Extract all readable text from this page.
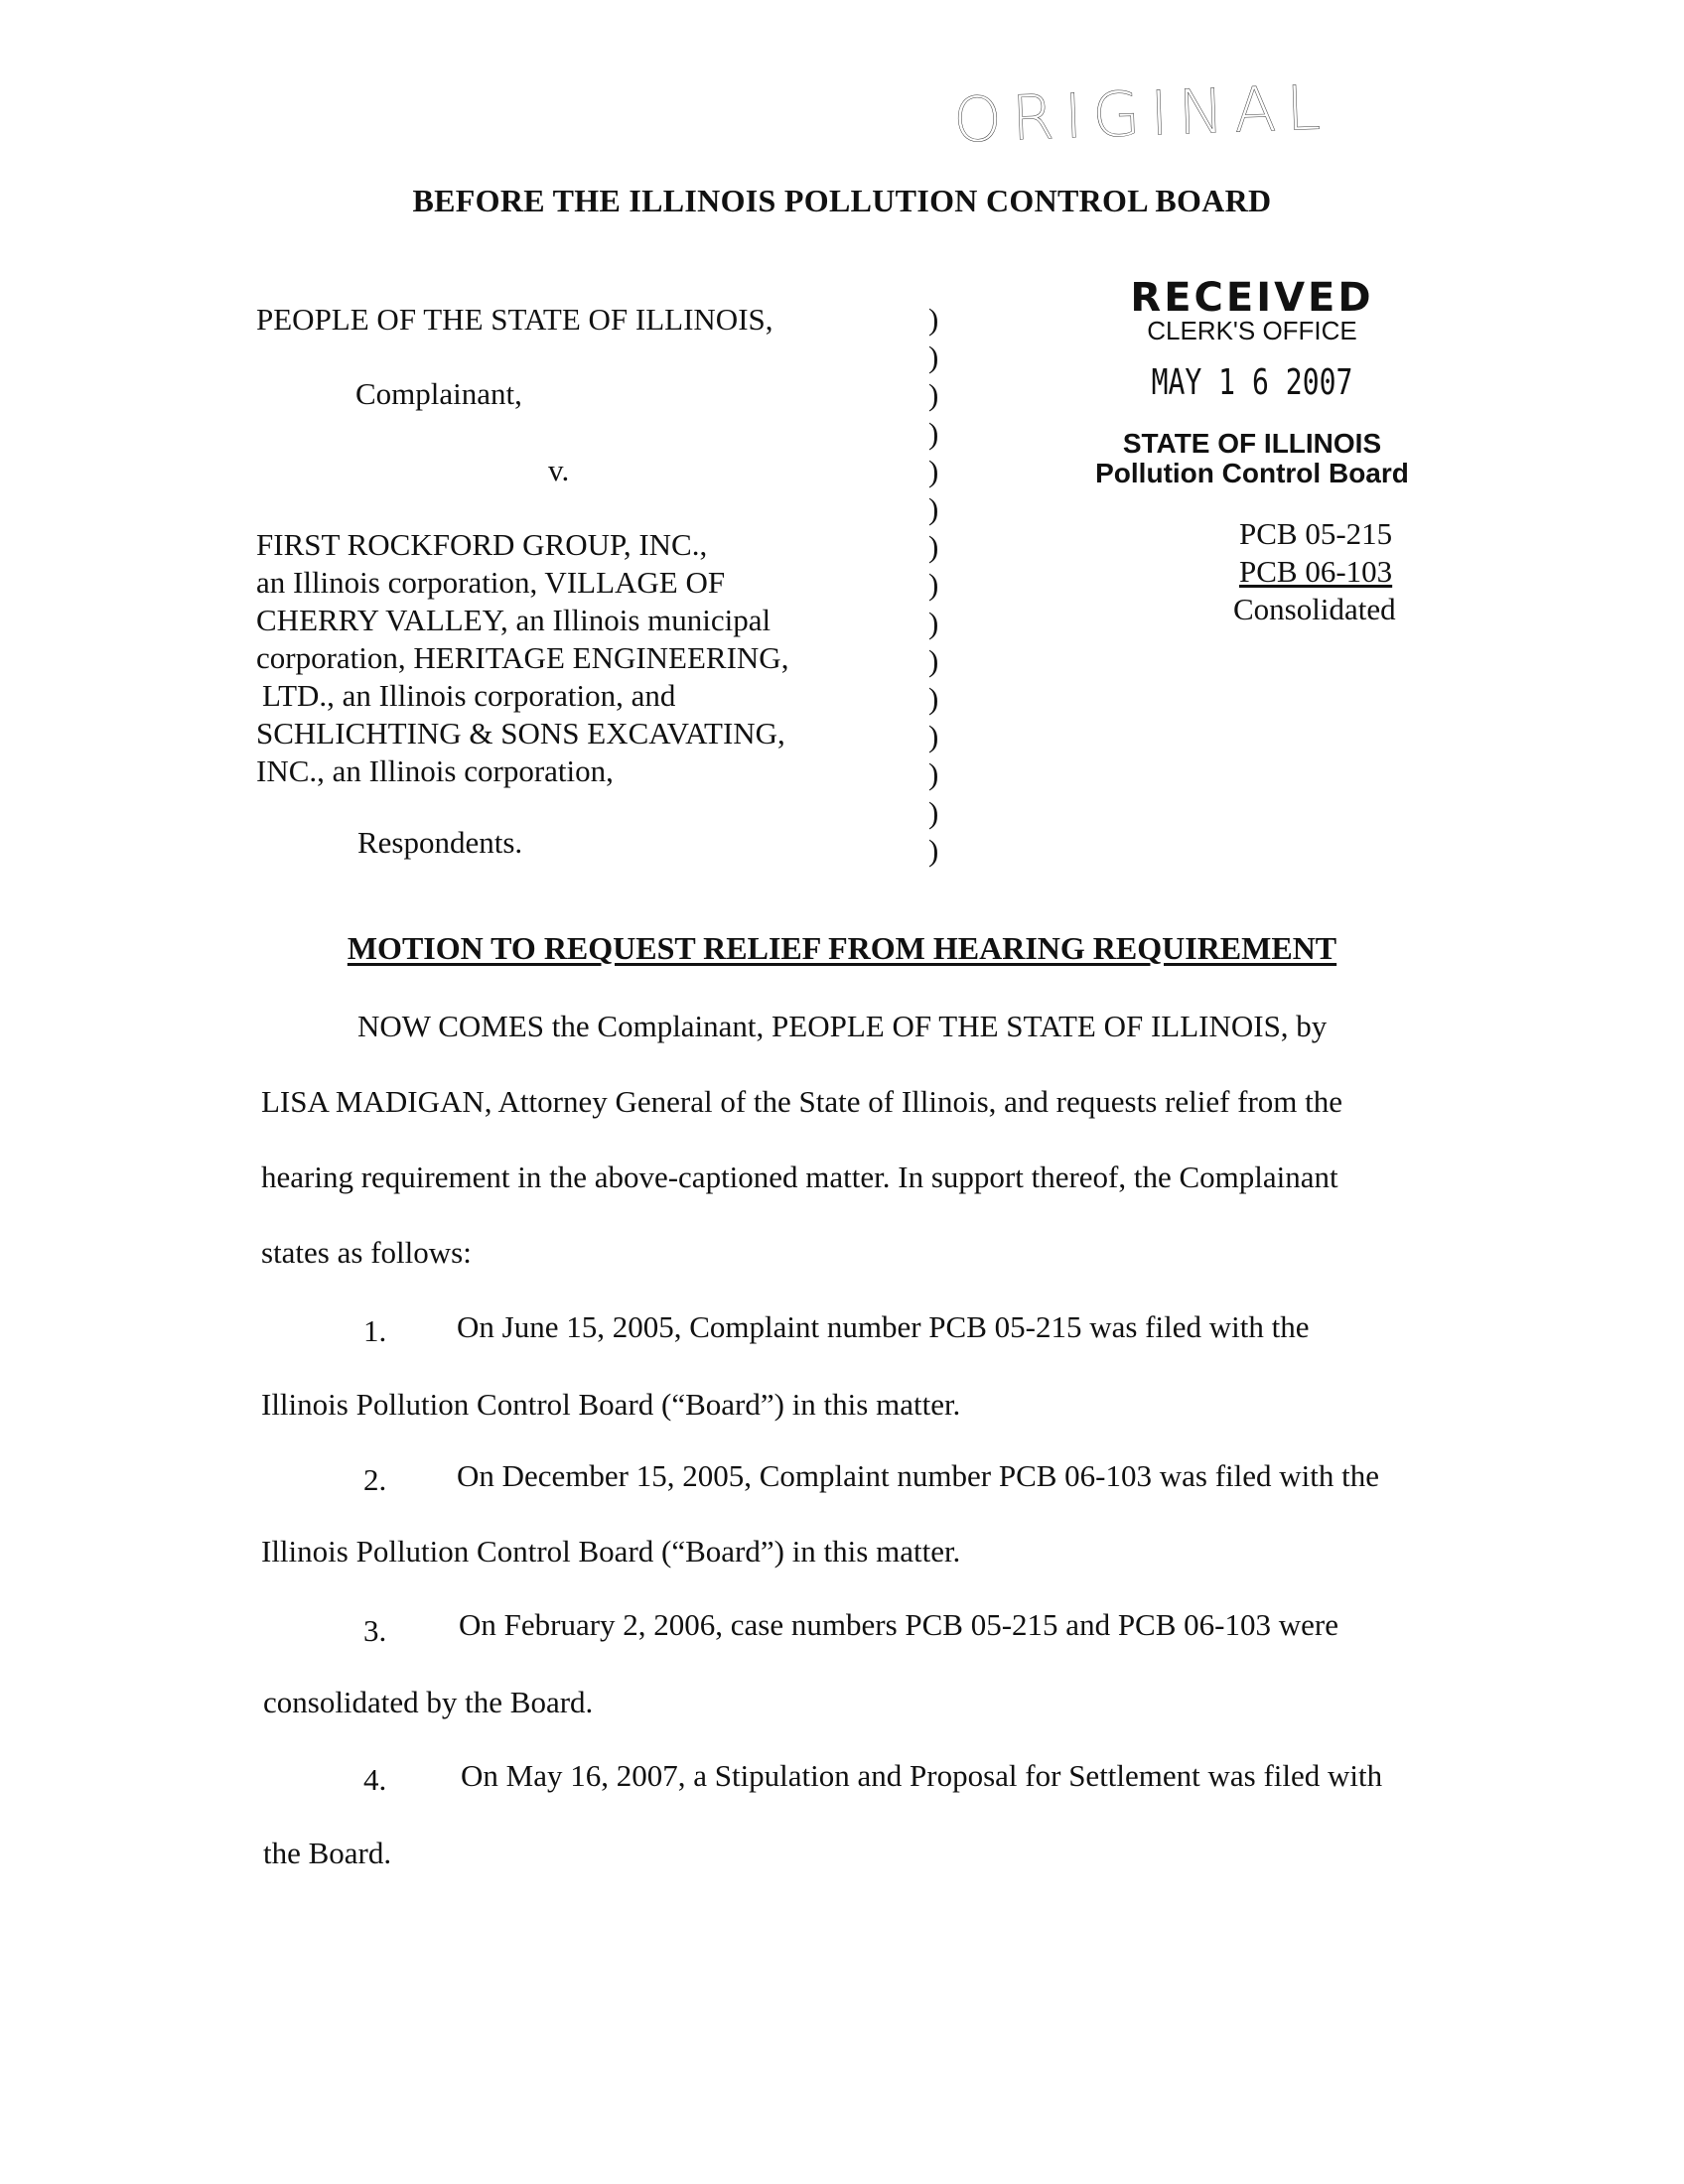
ORIGINAL
BEFORE THE ILLINOIS POLLUTION CONTROL BOARD
PEOPLE OF THE STATE OF ILLINOIS,
Complainant,
v.
FIRST ROCKFORD GROUP, INC.,
an Illinois corporation, VILLAGE OF
CHERRY VALLEY, an Illinois municipal
corporation, HERITAGE ENGINEERING,
LTD., an Illinois corporation, and
SCHLICHTING & SONS EXCAVATING,
INC., an Illinois corporation,
Respondents.
)
)
)
)
)
)
)
)
)
)
)
)
)
)
)
RECEIVED
CLERK'S OFFICE
MAY 1 6 2007
STATE OF ILLINOIS
Pollution Control Board
PCB 05-215
PCB 06-103
Consolidated
MOTION TO REQUEST RELIEF FROM HEARING REQUIREMENT
NOW COMES the Complainant, PEOPLE OF THE STATE OF ILLINOIS, by
LISA MADIGAN, Attorney General of the State of Illinois, and requests relief from the
hearing requirement in the above-captioned matter. In support thereof, the Complainant
states as follows:
1. On June 15, 2005, Complaint number PCB 05-215 was filed with the
Illinois Pollution Control Board (“Board”) in this matter.
2. On December 15, 2005, Complaint number PCB 06-103 was filed with the
Illinois Pollution Control Board (“Board”) in this matter.
3. On February 2, 2006, case numbers PCB 05-215 and PCB 06-103 were
consolidated by the Board.
4. On May 16, 2007, a Stipulation and Proposal for Settlement was filed with
the Board.
